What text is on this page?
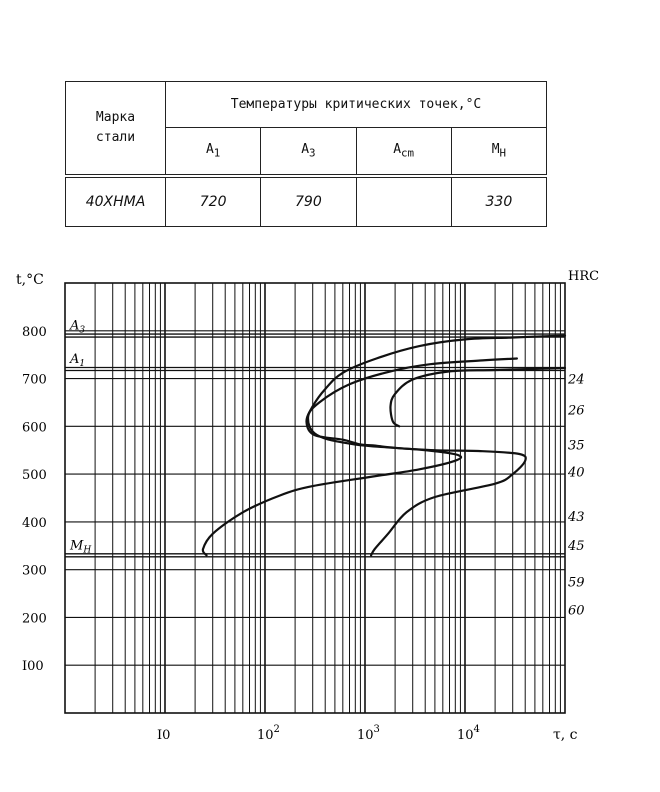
Марка
стали	Температуры критических точек,°С			
	$A_1$	$A_3$	$A_{cm}$	$M_H$
40ХНМА	720	790		330
I00
200
300
400
500
600
700
800
I0	$10^2$	$10^3$	$10^4$
t,°C
τ, с
HRC
$A_3$
$A_1$
$M_H$
24
26
35
40
43
45
59
60
